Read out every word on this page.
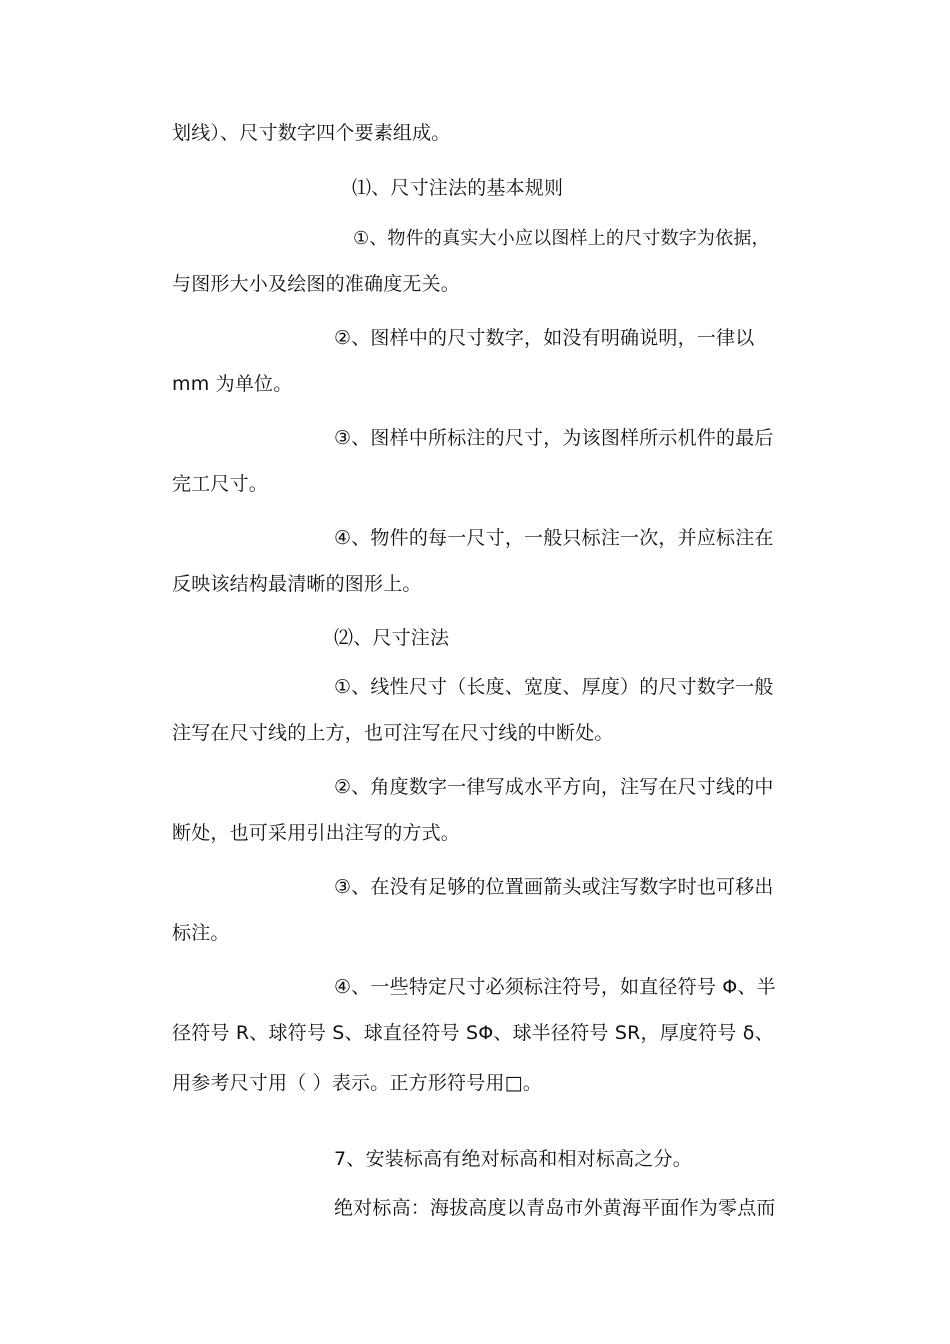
划线）、尺寸数字四个要素组成。
⑴、尺寸注法的基本规则
①、物件的真实大小应以图样上的尺寸数字为依据，
与图形大小及绘图的准确度无关。
②、图样中的尺寸数字，如没有明确说明，一律以
mm 为单位。
③、图样中所标注的尺寸，为该图样所示机件的最后
完工尺寸。
④、物件的每一尺寸，一般只标注一次，并应标注在
反映该结构最清晰的图形上。
⑵、尺寸注法
①、线性尺寸（长度、宽度、厚度）的尺寸数字一般
注写在尺寸线的上方，也可注写在尺寸线的中断处。
②、角度数字一律写成水平方向，注写在尺寸线的中
断处，也可采用引出注写的方式。
③、在没有足够的位置画箭头或注写数字时也可移出
标注。
④、一些特定尺寸必须标注符号，如直径符号 Φ、半
径符号 R、球符号 S、球直径符号 SΦ、球半径符号 SR，厚度符号 δ、
用参考尺寸用（ ）表示。正方形符号用□。
7、安装标高有绝对标高和相对标高之分。
绝对标高：海拔高度以青岛市外黄海平面作为零点而
